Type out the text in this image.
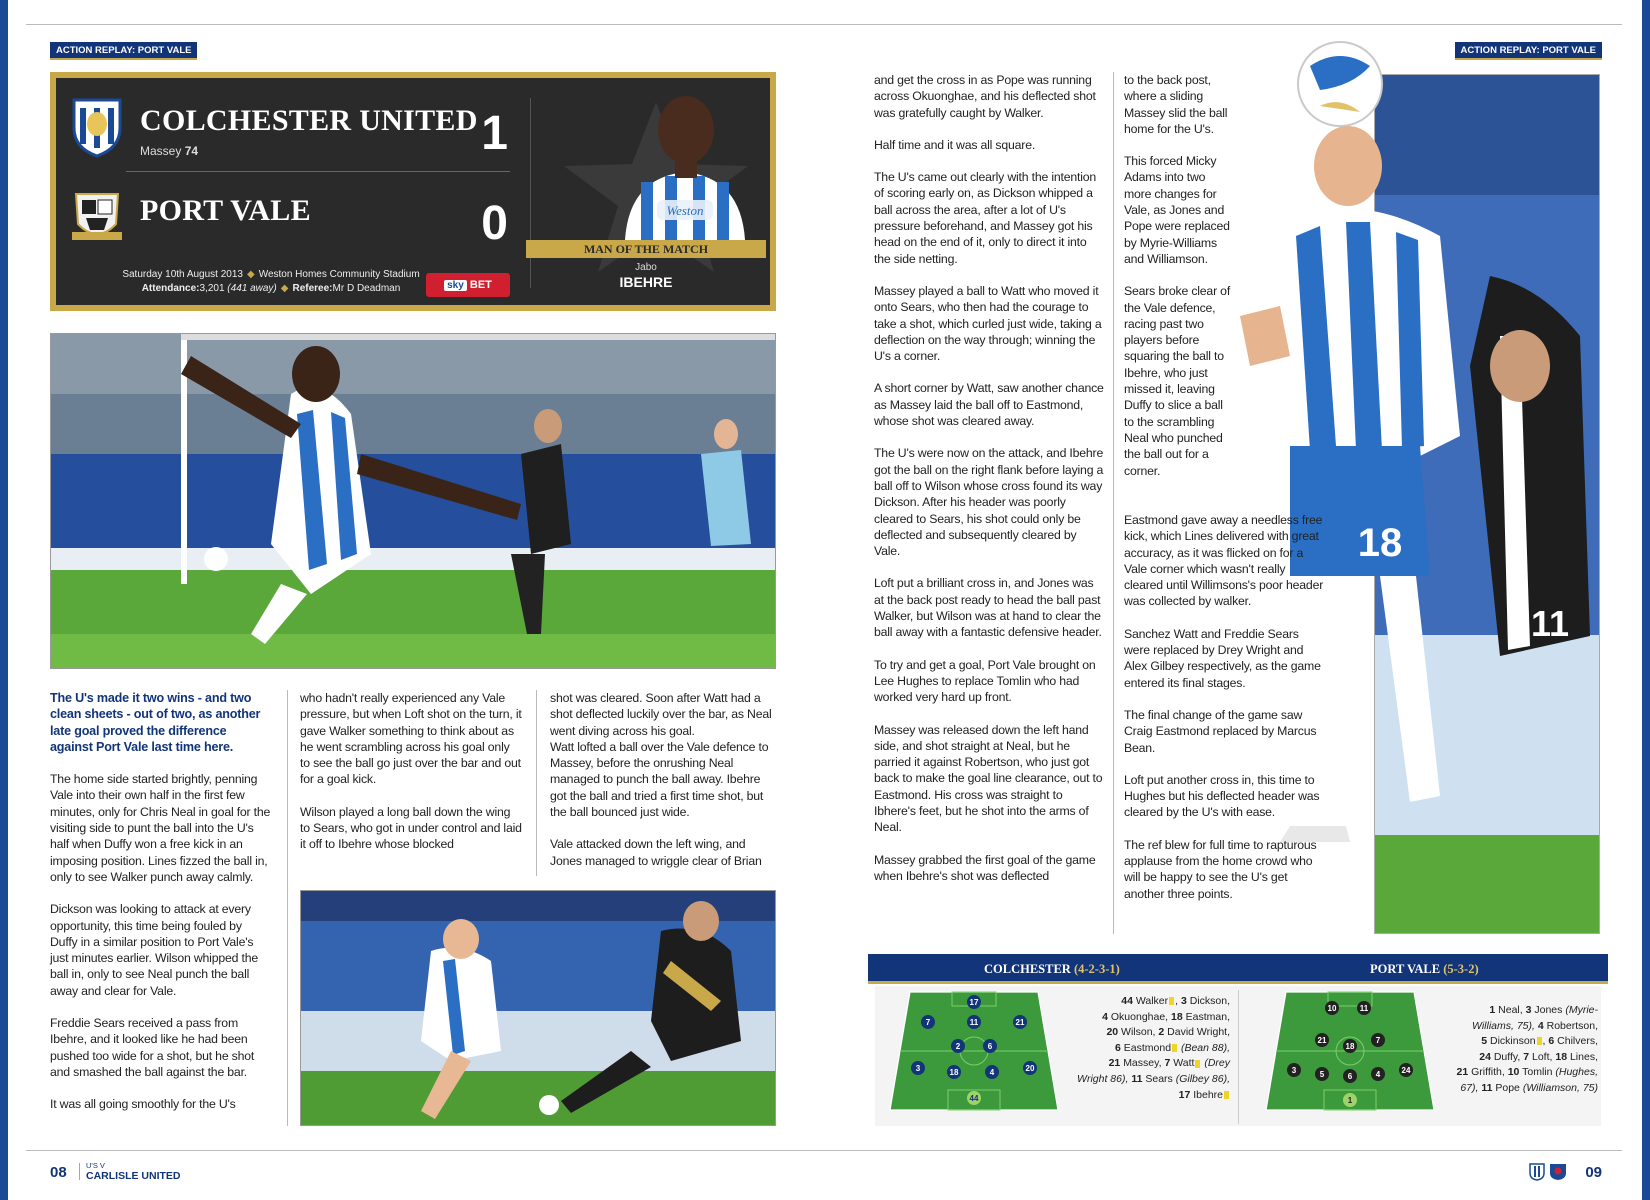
ACTION REPLAY: PORT VALE	ACTION REPLAY: PORT VALE
COLCHESTER UNITED
Massey 74	1
PORT VALE	0
Saturday 10th August 2013 ◆ Weston Homes Community Stadium
Attendance:3,201 (441 away) ◆ Referee:Mr D Deadman	sky BET
MAN OF THE MATCH
Jabo
IBEHRE
Weston
18
11

The U's made it two wins - and two clean sheets - out of two, as another late goal proved the difference against Port Vale last time here.

The home side started brightly, penning Vale into their own half in the first few minutes, only for Chris Neal in goal for the visiting side to punt the ball into the U's half when Duffy won a free kick in an imposing position. Lines fizzed the ball in, only to see Walker punch away calmly.

Dickson was looking to attack at every opportunity, this time being fouled by Duffy in a similar position to Port Vale's just minutes earlier. Wilson whipped the ball in, only to see Neal punch the ball away and clear for Vale.

Freddie Sears received a pass from Ibehre, and it looked like he had been pushed too wide for a shot, but he shot and smashed the ball against the bar.

It was all going smoothly for the U's

who hadn't really experienced any Vale pressure, but when Loft shot on the turn, it gave Walker something to think about as he went scrambling across his goal only to see the ball go just over the bar and out for a goal kick.

Wilson played a long ball down the wing to Sears, who got in under control and laid it off to Ibehre whose blocked

shot was cleared. Soon after Watt had a shot deflected luckily over the bar, as Neal went diving across his goal.

Watt lofted a ball over the Vale defence to Massey, before the onrushing Neal managed to punch the ball away. Ibehre got the ball and tried a first time shot, but the ball bounced just wide.

Vale attacked down the left wing, and Jones managed to wriggle clear of Brian

and get the cross in as Pope was running across Okuonghae, and his deflected shot was gratefully caught by Walker.

Half time and it was all square.

The U's came out clearly with the intention of scoring early on, as Dickson whipped a ball across the area, after a lot of U's pressure beforehand, and Massey got his head on the end of it, only to direct it into the side netting.

Massey played a ball to Watt who moved it onto Sears, who then had the courage to take a shot, which curled just wide, taking a deflection on the way through; winning the U's a corner.

A short corner by Watt, saw another chance as Massey laid the ball off to Eastmond, whose shot was cleared away.

The U's were now on the attack, and Ibehre got the ball on the right flank before laying a ball off to Wilson whose cross found its way Dickson. After his header was poorly cleared to Sears, his shot could only be deflected and subsequently cleared by Vale.

Loft put a brilliant cross in, and Jones was at the back post ready to head the ball past Walker, but Wilson was at hand to clear the ball away with a fantastic defensive header.

To try and get a goal, Port Vale brought on Lee Hughes to replace Tomlin who had worked very hard up front.

Massey was released down the left hand side, and shot straight at Neal, but he parried it against Robertson, who just got back to make the goal line clearance, out to Eastmond. His cross was straight to Ibhere's feet, but he shot into the arms of Neal.

Massey grabbed the first goal of the game when Ibehre's shot was deflected

to the back post, where a sliding Massey slid the ball home for the U's.

This forced Micky Adams into two more changes for Vale, as Jones and Pope were replaced by Myrie-Williams and Williamson.

Sears broke clear of the Vale defence, racing past two players before squaring the ball to Ibehre, who just missed it, leaving Duffy to slice a ball to the scrambling Neal who punched the ball out for a corner.

Eastmond gave away a needless free kick, which Lines delivered with great accuracy, as it was flicked on for a Vale corner which wasn't really cleared until Willimsons's poor header was collected by walker.

Sanchez Watt and Freddie Sears were replaced by Drey Wright and Alex Gilbey respectively, as the game entered its final stages.

The final change of the game saw Craig Eastmond replaced by Marcus Bean.

Loft put another cross in, this time to Hughes but his deflected header was cleared by the U's with ease.

The ref blew for full time to rapturous applause from the home crowd who will be happy to see the U's get another three points.

COLCHESTER (4-2-3-1)	PORT VALE (5-3-2)
17
7	11	21
2	6
3	18	4	20
44
44 Walker , 3 Dickson,
4 Okuonghae, 18 Eastman,
20 Wilson, 2 David Wright,
6 Eastmond (Bean 88),
21 Massey, 7 Watt (Drey
Wright 86), 11 Sears (Gilbey 86),
17 Ibehre
10	11
21
18
7
3	5	6	4	24
1
1 Neal, 3 Jones (Myrie-
Williams, 75), 4 Robertson,
5 Dickinson , 6 Chilvers,
24 Duffy, 7 Loft, 18 Lines,
21 Griffith, 10 Tomlin (Hughes,
67), 11 Pope (Williamson, 75)
08	U'S V
CARLISLE UNITED	09
